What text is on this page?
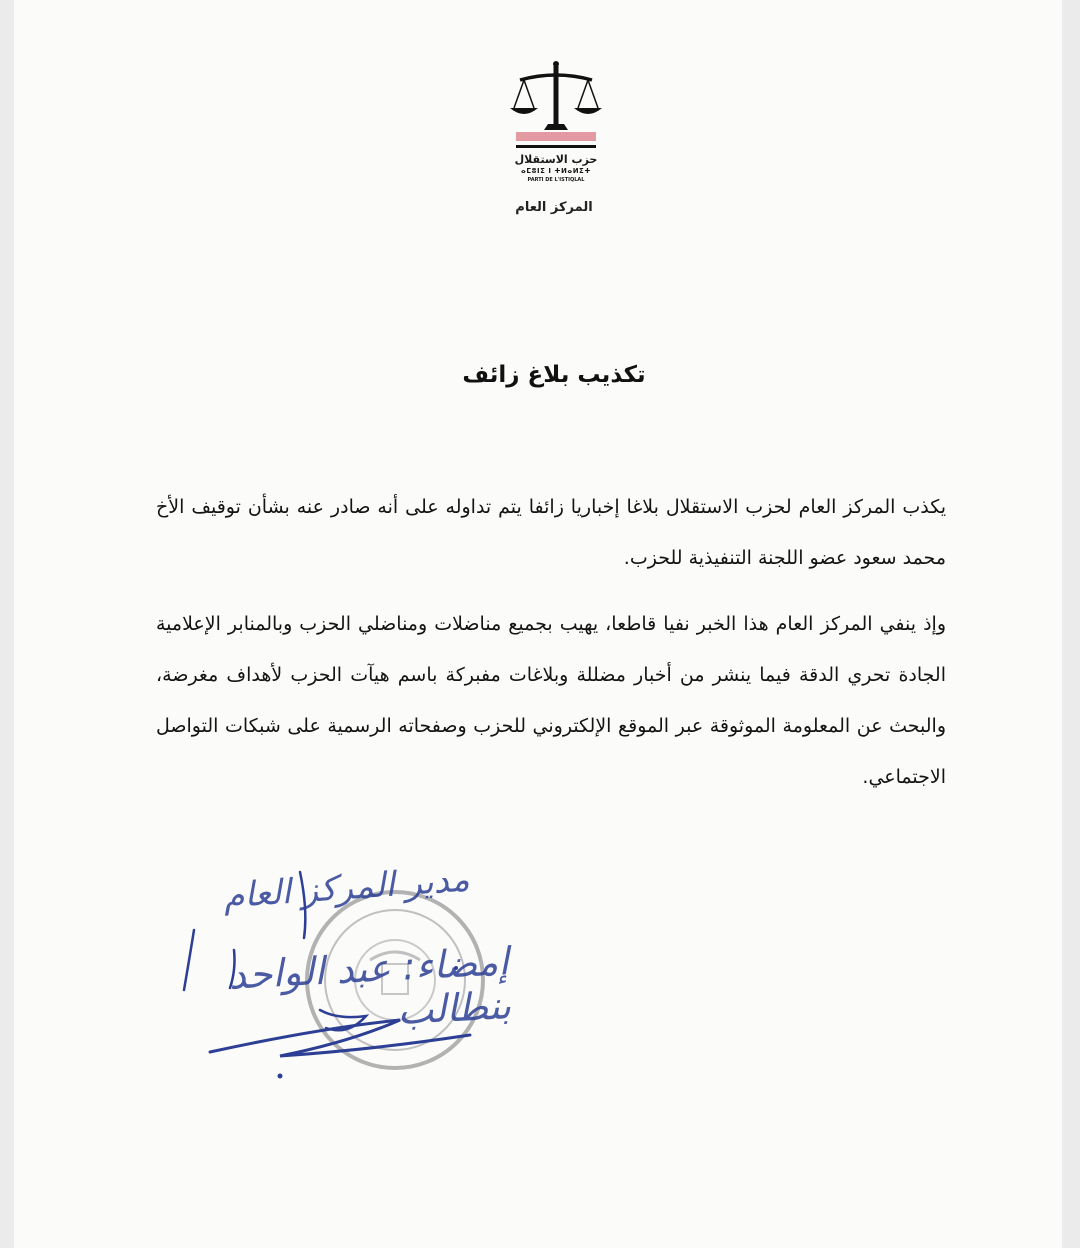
حزب الاستقلال
ⴰⵎⵓⵏⵉ ⵏ ⵜⵍⴰⵍⵉⵜ
PARTI DE L'ISTIQLAL
المركز العام
تكذيب بلاغ زائف

يكذب المركز العام لحزب الاستقلال بلاغا إخباريا زائفا يتم تداوله على أنه صادر عنه بشأن توقيف الأخ محمد سعود عضو اللجنة التنفيذية للحزب.

وإذ ينفي المركز العام هذا الخبر نفيا قاطعا، يهيب بجميع مناضلات ومناضلي الحزب وبالمنابر الإعلامية الجادة تحري الدقة فيما ينشر من أخبار مضللة وبلاغات مفبركة باسم هيآت الحزب لأهداف مغرضة، والبحث عن المعلومة الموثوقة عبر الموقع الإلكتروني للحزب وصفحاته الرسمية على شبكات التواصل الاجتماعي.

مدير المركز العام
إمضاء: عبد الواحد بنطالب
